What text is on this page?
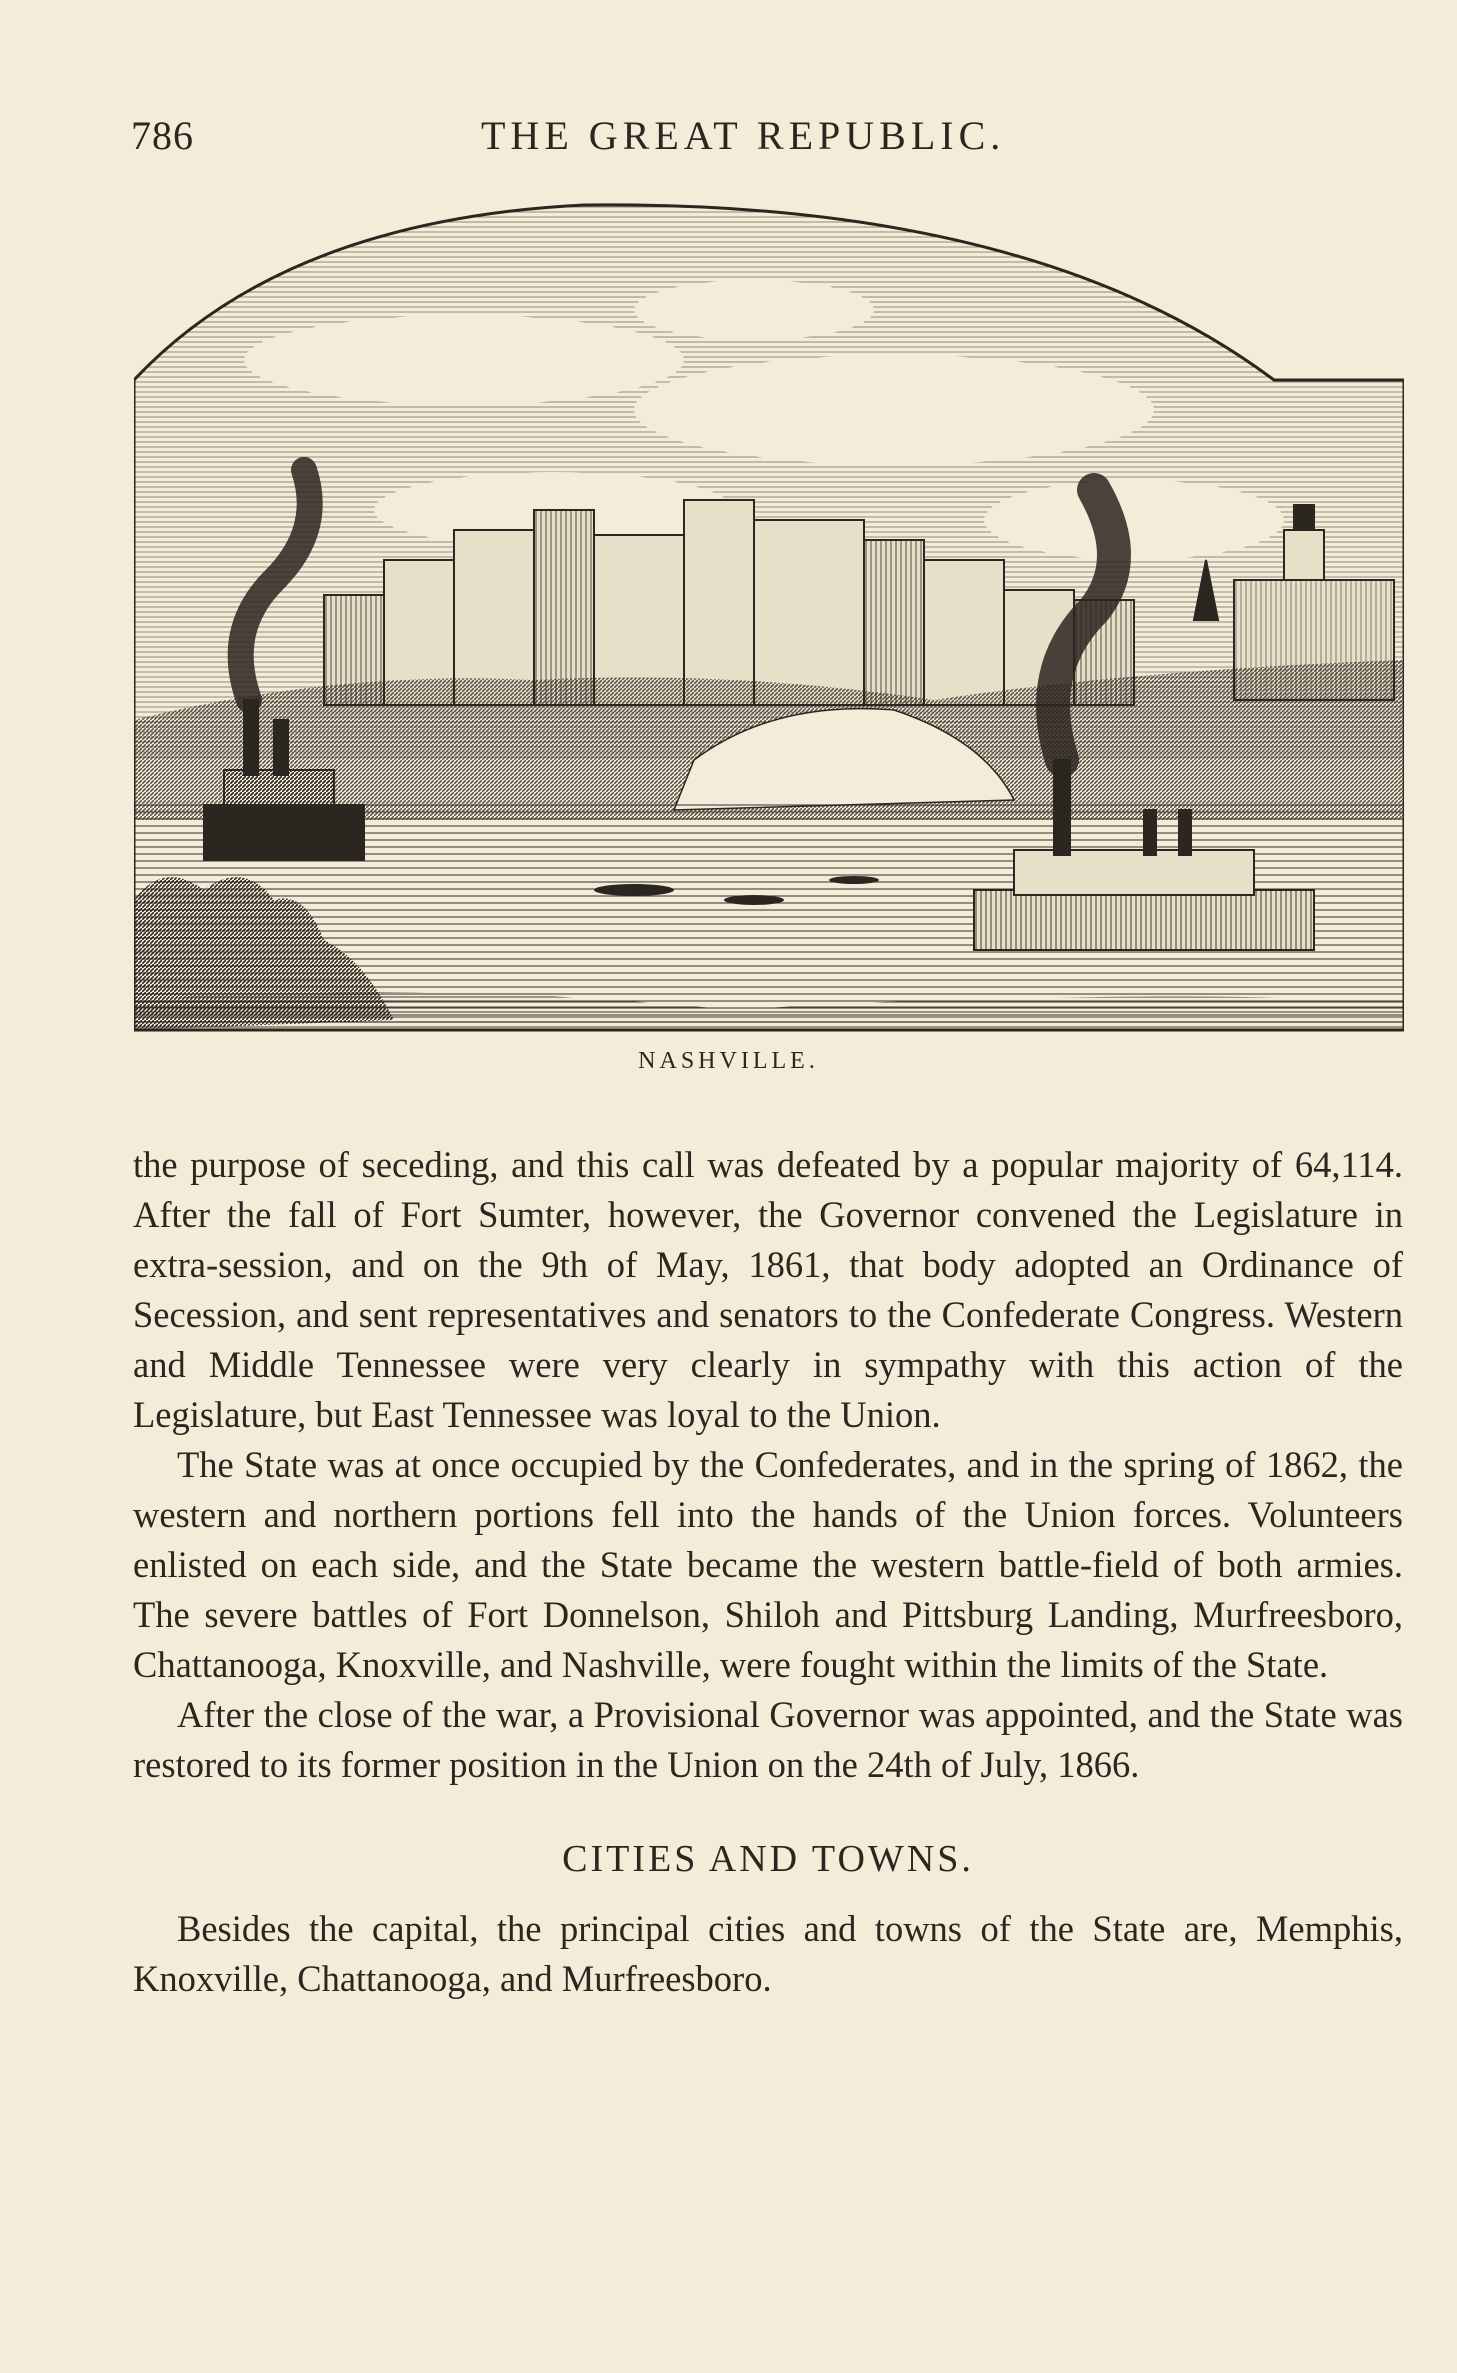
786	THE GREAT REPUBLIC.
NASHVILLE.

the purpose of seceding, and this call was defeated by a popular majority of 64,114. After the fall of Fort Sumter, however, the Governor convened the Legislature in extra-session, and on the 9th of May, 1861, that body adopted an Ordinance of Secession, and sent representatives and senators to the Confederate Congress. Western and Middle Tennessee were very clearly in sympathy with this action of the Legislature, but East Tennessee was loyal to the Union.

The State was at once occupied by the Confederates, and in the spring of 1862, the western and northern portions fell into the hands of the Union forces. Volunteers enlisted on each side, and the State became the western battle-field of both armies. The severe battles of Fort Donnelson, Shiloh and Pittsburg Landing, Murfreesboro, Chattanooga, Knoxville, and Nashville, were fought within the limits of the State.

After the close of the war, a Provisional Governor was appointed, and the State was restored to its former position in the Union on the 24th of July, 1866.

CITIES AND TOWNS.

Besides the capital, the principal cities and towns of the State are, Memphis, Knoxville, Chattanooga, and Murfreesboro.
